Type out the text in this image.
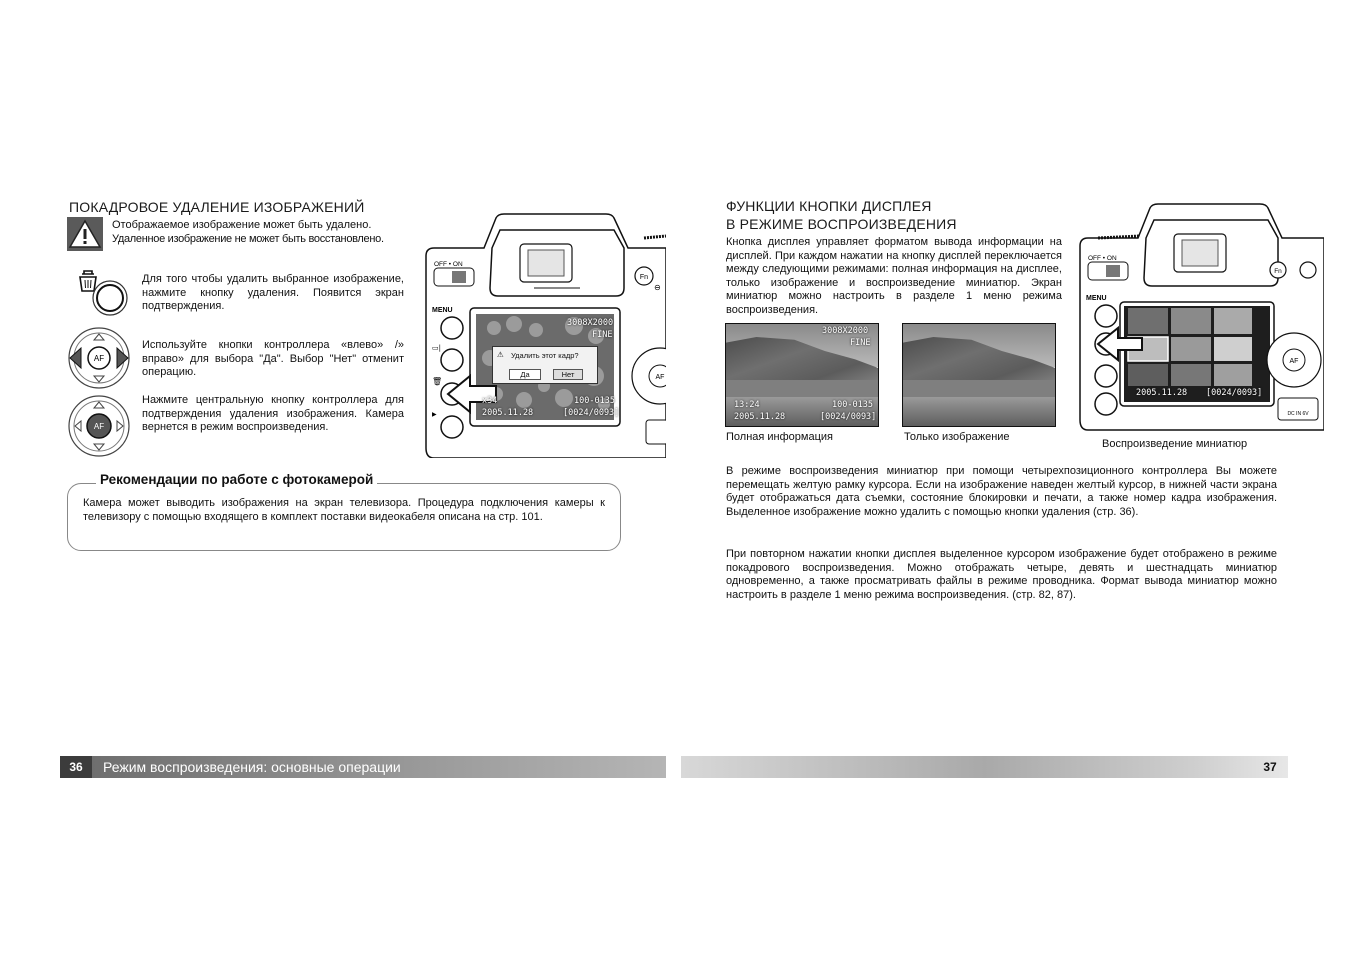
ПОКАДРОВОЕ УДАЛЕНИЕ ИЗОБРАЖЕНИЙ
Отображаемое изображение может быть удалено.
Удаленное изображение не может быть восстановлено.
Для того чтобы удалить выбранное изображение, нажмите кнопку удаления. Появится экран подтверждения.
AF
Используйте кнопки контроллера «влево» /» вправо» для выбора "Да". Выбор "Нет" отменит операцию.
AF
Нажмите центральную кнопку контроллера для подтверждения удаления изображения. Камера вернется в режим воспроизведения.
OFF • ON
Fn
⊖
MENU
▭|
🗑
▶
AF
3008X2000
FINE
⚠ Удалить этот кадр?
Да	Нет
x34	100-0135
2005.11.28	[0024/0093]
Рекомендации по работе с фотокамерой
Камера может выводить изображения на экран телевизора. Процедура подключения камеры к телевизору с помощью входящего в комплект поставки видеокабеля описана на стр. 101.
ФУНКЦИИ КНОПКИ ДИСПЛЕЯ
В РЕЖИМЕ ВОСПРОИЗВЕДЕНИЯ
Кнопка дисплея управляет форматом вывода информации на дисплей. При каждом нажатии на кнопку дисплей переключается между следующими режимами: полная информация на дисплее, только изображение и воспроизведение миниатюр. Экран миниатюр можно настроить в разделе 1 меню режима воспроизведения.
3008X2000
FINE
13:24	100-0135
2005.11.28	[0024/0093]
Полная информация	Только изображение
OFF • ON
Fn
MENU
AF
DC IN 6V
2005.11.28 [0024/0093]
Воспроизведение миниатюр
В режиме воспроизведения миниатюр при помощи четырехпозиционного контроллера Вы можете перемещать желтую рамку курсора. Если на изображение наведен желтый курсор, в нижней части экрана будет отображаться дата съемки, состояние блокировки и печати, а также номер кадра изображения. Выделенное изображение можно удалить с помощью кнопки удаления (стр. 36).
При повторном нажатии кнопки дисплея выделенное курсором изображение будет отображено в режиме покадрового воспроизведения. Можно отображать четыре, девять и шестнадцать миниатюр одновременно, а также просматривать файлы в режиме проводника. Формат вывода миниатюр можно настроить в разделе 1 меню режима воспроизведения. (стр. 82, 87).
36	Режим воспроизведения: основные операции	37
